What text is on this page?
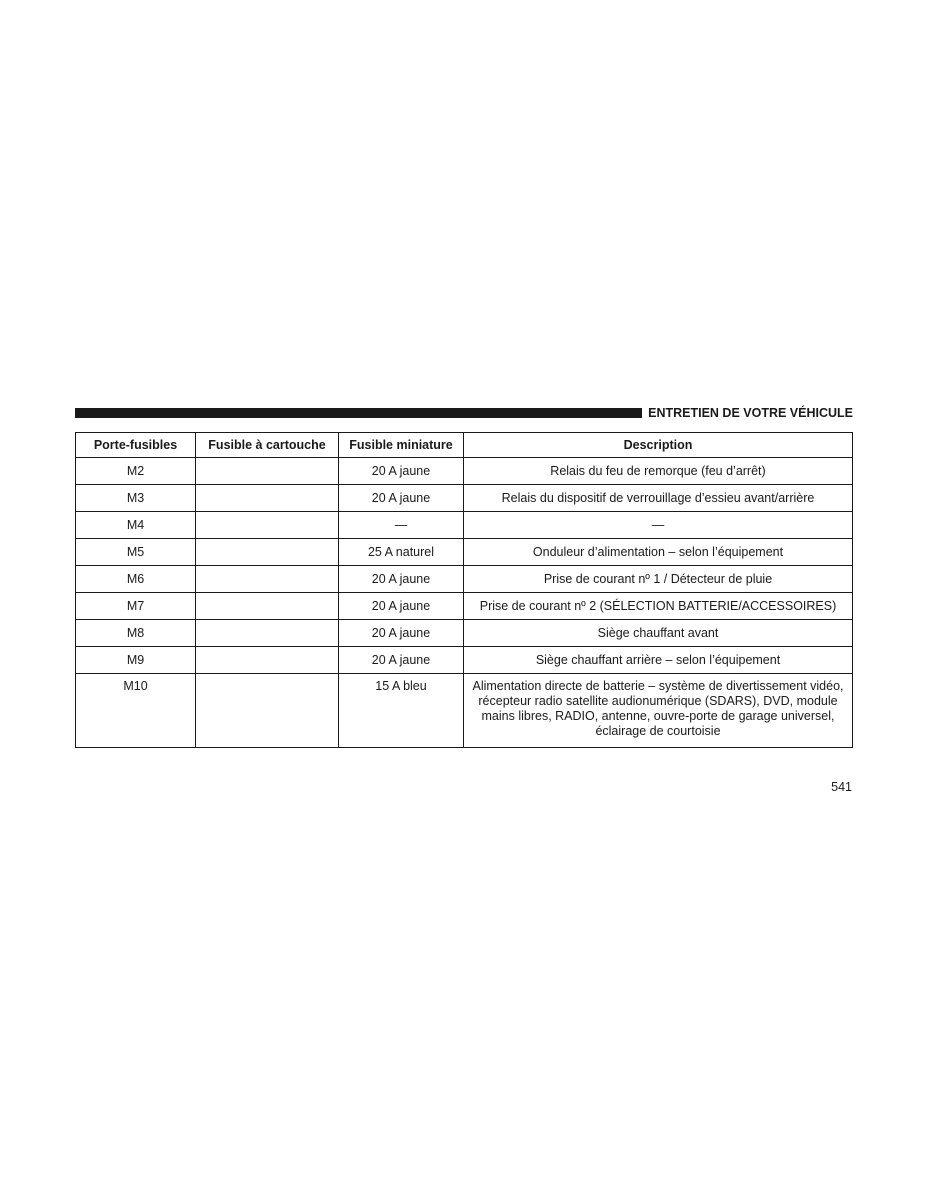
ENTRETIEN DE VOTRE VÉHICULE
Porte-fusibles	Fusible à cartouche	Fusible miniature	Description
M2		20 A jaune	Relais du feu de remorque (feu d’arrêt)
M3		20 A jaune	Relais du dispositif de verrouillage d’essieu avant/arrière
M4		—	—
M5		25 A naturel	Onduleur d’alimentation – selon l’équipement
M6		20 A jaune	Prise de courant nº 1 / Détecteur de pluie
M7		20 A jaune	Prise de courant nº 2 (SÉLECTION BATTERIE/ACCESSOIRES)
M8		20 A jaune	Siège chauffant avant
M9		20 A jaune	Siège chauffant arrière – selon l’équipement
M10		15 A bleu	Alimentation directe de batterie – système de divertissement vidéo, récepteur radio satellite audionumérique (SDARS), DVD, module mains libres, RADIO, antenne, ouvre-porte de garage universel, éclairage de courtoisie
541
